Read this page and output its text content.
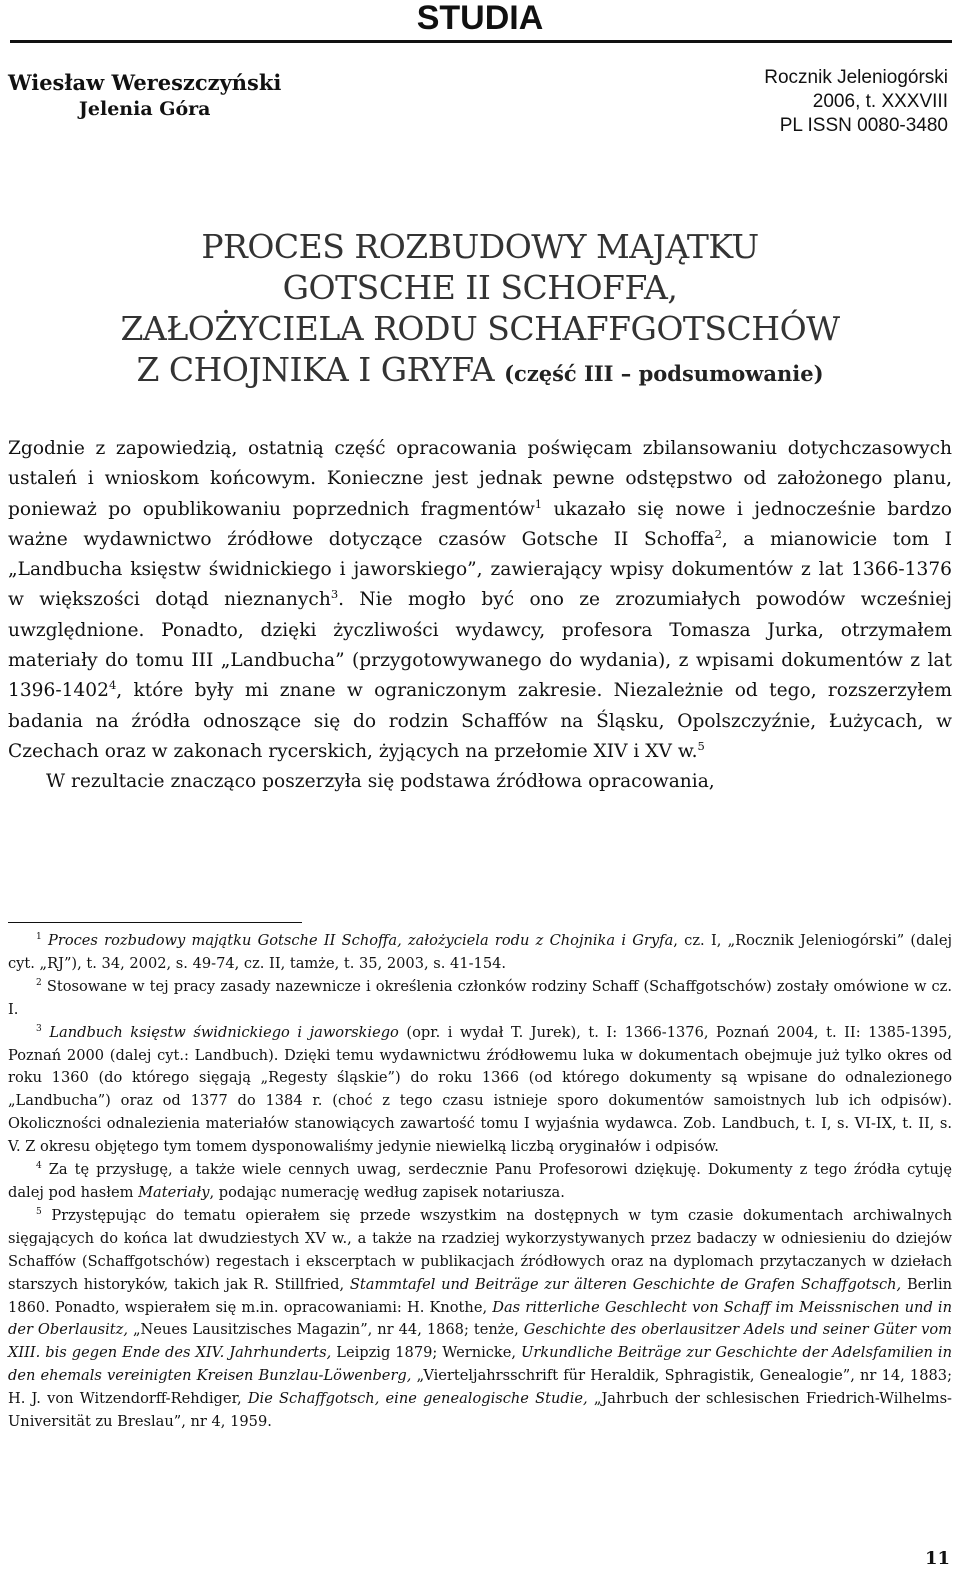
STUDIA
Wiesław Wereszczyński
Jelenia Góra
Rocznik Jeleniogórski
2006, t. XXXVIII
PL ISSN 0080-3480
PROCES ROZBUDOWY MAJĄTKU
GOTSCHE II SCHOFFA,
ZAŁOŻYCIELA RODU SCHAFFGOTSCHÓW
Z CHOJNIKA I GRYFA (część III – podsumowanie)

Zgodnie z zapowiedzią, ostatnią część opracowania poświęcam zbilansowaniu dotychczasowych ustaleń i wnioskom końcowym. Konieczne jest jednak pewne odstępstwo od założonego planu, ponieważ po opublikowaniu poprzednich fragmentów$^1$ ukazało się nowe i jednocześnie bardzo ważne wydawnictwo źródłowe dotyczące czasów Gotsche II Schoffa$^2$, a mianowicie tom I „Landbucha księstw świdnickiego i jaworskiego”, zawierający wpisy dokumentów z lat 1366-1376 w większości dotąd nieznanych$^3$. Nie mogło być ono ze zrozumiałych powodów wcześniej uwzględnione. Ponadto, dzięki życzliwości wydawcy, profesora Tomasza Jurka, otrzymałem materiały do tomu III „Landbucha” (przygotowywanego do wydania), z wpisami dokumentów z lat 1396-1402$^4$, które były mi znane w ograniczonym zakresie. Niezależnie od tego, rozszerzyłem badania na źródła odnoszące się do rodzin Schaffów na Śląsku, Opolszczyźnie, Łużycach, w Czechach oraz w zakonach rycerskich, żyjących na przełomie XIV i XV w.$^5$

W rezultacie znacząco poszerzyła się podstawa źródłowa opracowania,

$^1$ Proces rozbudowy majątku Gotsche II Schoffa, założyciela rodu z Chojnika i Gryfa, cz. I, „Rocznik Jeleniogórski” (dalej cyt. „RJ”), t. 34, 2002, s. 49-74, cz. II, tamże, t. 35, 2003, s. 41-154.

$^2$ Stosowane w tej pracy zasady nazewnicze i określenia członków rodziny Schaff (Schaffgotschów) zostały omówione w cz. I.

$^3$ Landbuch księstw świdnickiego i jaworskiego (opr. i wydał T. Jurek), t. I: 1366-1376, Poznań 2004, t. II: 1385-1395, Poznań 2000 (dalej cyt.: Landbuch). Dzięki temu wydawnictwu źródłowemu luka w dokumentach obejmuje już tylko okres od roku 1360 (do którego sięgają „Regesty śląskie”) do roku 1366 (od którego dokumenty są wpisane do odnalezionego „Landbucha”) oraz od 1377 do 1384 r. (choć z tego czasu istnieje sporo dokumentów samoistnych lub ich odpisów). Okoliczności odnalezienia materiałów stanowiących zawartość tomu I wyjaśnia wydawca. Zob. Landbuch, t. I, s. VI-IX, t. II, s. V. Z okresu objętego tym tomem dysponowaliśmy jedynie niewielką liczbą oryginałów i odpisów.

$^4$ Za tę przysługę, a także wiele cennych uwag, serdecznie Panu Profesorowi dziękuję. Dokumenty z tego źródła cytuję dalej pod hasłem Materiały, podając numerację według zapisek notariusza.

$^5$ Przystępując do tematu opierałem się przede wszystkim na dostępnych w tym czasie dokumentach archiwalnych sięgających do końca lat dwudziestych XV w., a także na rzadziej wykorzystywanych przez badaczy w odniesieniu do dziejów Schaffów (Schaffgotschów) regestach i ekscerptach w publikacjach źródłowych oraz na dyplomach przytaczanych w dziełach starszych historyków, takich jak R. Stillfried, Stammtafel und Beiträge zur älteren Geschichte de Grafen Schaffgotsch, Berlin 1860. Ponadto, wspierałem się m.in. opracowaniami: H. Knothe, Das ritterliche Geschlecht von Schaff im Meissnischen und in der Oberlausitz, „Neues Lausitzisches Magazin”, nr 44, 1868; tenże, Geschichte des oberlausitzer Adels und seiner Güter vom XIII. bis gegen Ende des XIV. Jahrhunderts, Leipzig 1879; Wernicke, Urkundliche Beiträge zur Geschichte der Adelsfamilien in den ehemals vereinigten Kreisen Bunzlau-Löwenberg, „Vierteljahrsschrift für Heraldik, Sphragistik, Genealogie”, nr 14, 1883; H. J. von Witzendorff-Rehdiger, Die Schaffgotsch, eine genealogische Studie, „Jahrbuch der schlesischen Friedrich-Wilhelms-Universität zu Breslau”, nr 4, 1959.

11
